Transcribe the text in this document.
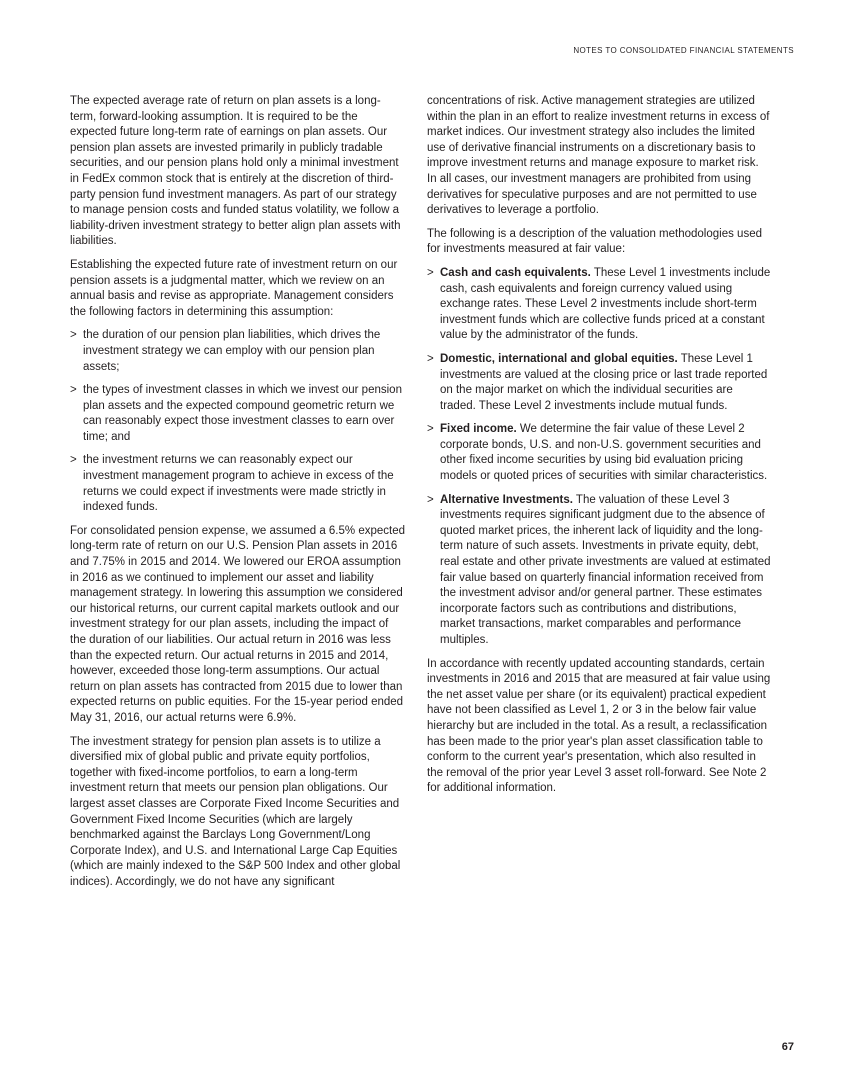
NOTES TO CONSOLIDATED FINANCIAL STATEMENTS

The expected average rate of return on plan assets is a long-term, forward-looking assumption. It is required to be the expected future long-term rate of earnings on plan assets. Our pension plan assets are invested primarily in publicly tradable securities, and our pension plans hold only a minimal investment in FedEx common stock that is entirely at the discretion of third-party pension fund investment managers. As part of our strategy to manage pension costs and funded status volatility, we follow a liability-driven investment strategy to better align plan assets with liabilities.

Establishing the expected future rate of investment return on our pension assets is a judgmental matter, which we review on an annual basis and revise as appropriate. Management considers the following factors in determining this assumption:

> the duration of our pension plan liabilities, which drives the investment strategy we can employ with our pension plan assets;
> the types of investment classes in which we invest our pension plan assets and the expected compound geometric return we can reasonably expect those investment classes to earn over time; and
> the investment returns we can reasonably expect our investment management program to achieve in excess of the returns we could expect if investments were made strictly in indexed funds.

For consolidated pension expense, we assumed a 6.5% expected long-term rate of return on our U.S. Pension Plan assets in 2016 and 7.75% in 2015 and 2014. We lowered our EROA assumption in 2016 as we continued to implement our asset and liability management strategy. In lowering this assumption we considered our historical returns, our current capital markets outlook and our investment strategy for our plan assets, including the impact of the duration of our liabilities. Our actual return in 2016 was less than the expected return. Our actual returns in 2015 and 2014, however, exceeded those long-term assumptions. Our actual return on plan assets has contracted from 2015 due to lower than expected returns on public equities. For the 15-year period ended May 31, 2016, our actual returns were 6.9%.

The investment strategy for pension plan assets is to utilize a diversified mix of global public and private equity portfolios, together with fixed-income portfolios, to earn a long-term investment return that meets our pension plan obligations. Our largest asset classes are Corporate Fixed Income Securities and Government Fixed Income Securities (which are largely benchmarked against the Barclays Long Government/Long Corporate Index), and U.S. and International Large Cap Equities (which are mainly indexed to the S&P 500 Index and other global indices). Accordingly, we do not have any significant

concentrations of risk. Active management strategies are utilized within the plan in an effort to realize investment returns in excess of market indices. Our investment strategy also includes the limited use of derivative financial instruments on a discretionary basis to improve investment returns and manage exposure to market risk. In all cases, our investment managers are prohibited from using derivatives for speculative purposes and are not permitted to use derivatives to leverage a portfolio.

The following is a description of the valuation methodologies used for investments measured at fair value:

> Cash and cash equivalents. These Level 1 investments include cash, cash equivalents and foreign currency valued using exchange rates. These Level 2 investments include short-term investment funds which are collective funds priced at a constant value by the administrator of the funds.
> Domestic, international and global equities. These Level 1 investments are valued at the closing price or last trade reported on the major market on which the individual securities are traded. These Level 2 investments include mutual funds.
> Fixed income. We determine the fair value of these Level 2 corporate bonds, U.S. and non-U.S. government securities and other fixed income securities by using bid evaluation pricing models or quoted prices of securities with similar characteristics.
> Alternative Investments. The valuation of these Level 3 investments requires significant judgment due to the absence of quoted market prices, the inherent lack of liquidity and the long-term nature of such assets. Investments in private equity, debt, real estate and other private investments are valued at estimated fair value based on quarterly financial information received from the investment advisor and/or general partner. These estimates incorporate factors such as contributions and distributions, market transactions, market comparables and performance multiples.

In accordance with recently updated accounting standards, certain investments in 2016 and 2015 that are measured at fair value using the net asset value per share (or its equivalent) practical expedient have not been classified as Level 1, 2 or 3 in the below fair value hierarchy but are included in the total. As a result, a reclassification has been made to the prior year's plan asset classification table to conform to the current year's presentation, which also resulted in the removal of the prior year Level 3 asset roll-forward. See Note 2 for additional information.

67
